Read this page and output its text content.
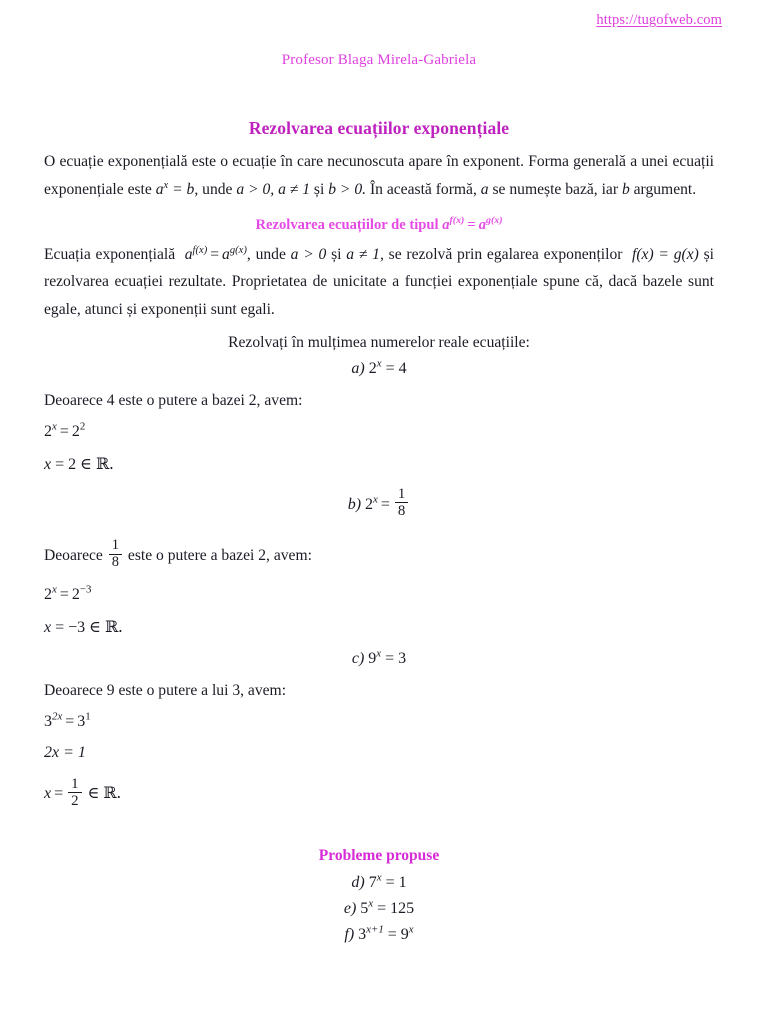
https://tugofweb.com
Profesor Blaga Mirela-Gabriela
Rezolvarea ecuațiilor exponențiale

O ecuație exponențială este o ecuație în care necunoscuta apare în exponent. Forma generală a unei ecuații exponențiale este $a^x = b$, unde a > 0, a ≠ 1 și b > 0. În această formă, a se numește bază, iar b argument.

Rezolvarea ecuațiilor de tipul $a^{f(x)} = a^{g(x)}$

Ecuația exponențială  $a^{f(x)} = a^{g(x)}$, unde a > 0 și a ≠ 1, se rezolvă prin egalarea exponenților  f(x) = g(x) și rezolvarea ecuației rezultate. Proprietatea de unicitate a funcției exponențiale spune că, dacă bazele sunt egale, atunci și exponenții sunt egali.

Rezolvați în mulțimea numerelor reale ecuațiile:
a) $2^x = 4$
Deoarece 4 este o putere a bazei 2, avem:
$2^x = 2^2$
x = 2 ∈ ℝ.
b) $2^x = \frac{1}{8}$
Deoarece $\frac{1}{8}$ este o putere a bazei 2, avem:
$2^x = 2^{-3}$
x = −3 ∈ ℝ.
c) $9^x = 3$
Deoarece 9 este o putere a lui 3, avem:
$3^{2x} = 3^1$
2x = 1
$x = \frac{1}{2}$ ∈ ℝ.
Probleme propuse
d) $7^x = 1$
e) $5^x = 125$
f) $3^{x+1} = 9^x$
